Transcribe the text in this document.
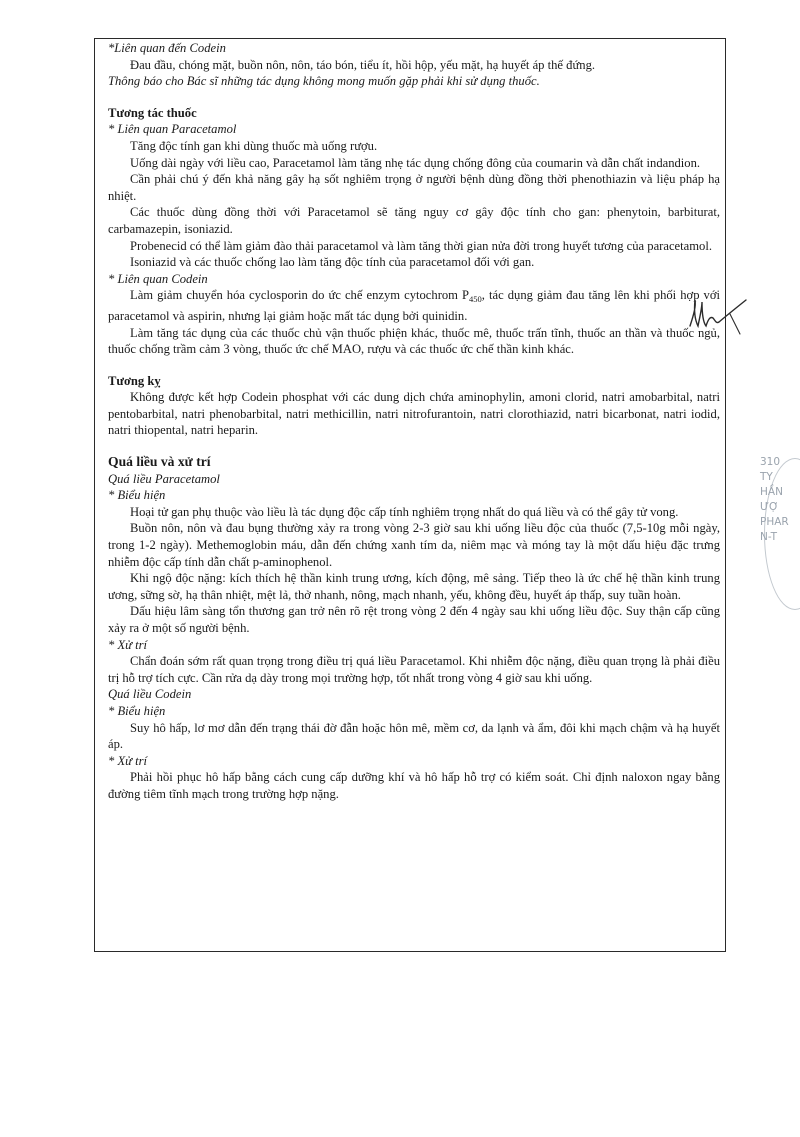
*Liên quan đến Codein

Đau đầu, chóng mặt, buồn nôn, nôn, táo bón, tiểu ít, hồi hộp, yếu mặt, hạ huyết áp thế đứng.

Thông báo cho Bác sĩ những tác dụng không mong muốn gặp phải khi sử dụng thuốc.

Tương tác thuốc

* Liên quan Paracetamol

Tăng độc tính gan khi dùng thuốc mà uống rượu.

Uống dài ngày với liều cao, Paracetamol làm tăng nhẹ tác dụng chống đông của coumarin và dẫn chất indandion.

Cần phải chú ý đến khả năng gây hạ sốt nghiêm trọng ở người bệnh dùng đồng thời phenothiazin và liệu pháp hạ nhiệt.

Các thuốc dùng đồng thời với Paracetamol sẽ tăng nguy cơ gây độc tính cho gan: phenytoin, barbiturat, carbamazepin, isoniazid.

Probenecid có thể làm giảm đào thải paracetamol và làm tăng thời gian nửa đời trong huyết tương của paracetamol.

Isoniazid và các thuốc chống lao làm tăng độc tính của paracetamol đối với gan.

* Liên quan Codein

Làm giảm chuyển hóa cyclosporin do ức chế enzym cytochrom $P_{450}$, tác dụng giảm đau tăng lên khi phối hợp với paracetamol và aspirin, nhưng lại giảm hoặc mất tác dụng bởi quinidin.

Làm tăng tác dụng của các thuốc chủ vận thuốc phiện khác, thuốc mê, thuốc trấn tĩnh, thuốc an thần và thuốc ngủ, thuốc chống trầm cảm 3 vòng, thuốc ức chế MAO, rượu và các thuốc ức chế thần kinh khác.

Tương kỵ

Không được kết hợp Codein phosphat với các dung dịch chứa aminophylin, amoni clorid, natri amobarbital, natri pentobarbital, natri phenobarbital, natri methicillin, natri nitrofurantoin, natri clorothiazid, natri bicarbonat, natri iodid, natri thiopental, natri heparin.

Quá liều và xử trí

Quá liều Paracetamol

* Biểu hiện

Hoại tử gan phụ thuộc vào liều là tác dụng độc cấp tính nghiêm trọng nhất do quá liều và có thể gây tử vong.

Buồn nôn, nôn và đau bụng thường xảy ra trong vòng 2-3 giờ sau khi uống liều độc của thuốc (7,5-10g mỗi ngày, trong 1-2 ngày). Methemoglobin máu, dẫn đến chứng xanh tím da, niêm mạc và móng tay là một dấu hiệu đặc trưng nhiễm độc cấp tính dẫn chất p-aminophenol.

Khi ngộ độc nặng: kích thích hệ thần kinh trung ương, kích động, mê sảng. Tiếp theo là ức chế hệ thần kinh trung ương, sững sờ, hạ thân nhiệt, mệt lả, thở nhanh, nông, mạch nhanh, yếu, không đều, huyết áp thấp, suy tuần hoàn.

Dấu hiệu lâm sàng tổn thương gan trở nên rõ rệt trong vòng 2 đến 4 ngày sau khi uống liều độc. Suy thận cấp cũng xảy ra ở một số người bệnh.

* Xử trí

Chẩn đoán sớm rất quan trọng trong điều trị quá liều Paracetamol. Khi nhiễm độc nặng, điều quan trọng là phải điều trị hỗ trợ tích cực. Cần rửa dạ dày trong mọi trường hợp, tốt nhất trong vòng 4 giờ sau khi uống.

Quá liều Codein

* Biểu hiện

Suy hô hấp, lơ mơ dẫn đến trạng thái đờ đẫn hoặc hôn mê, mềm cơ, da lạnh và ẩm, đôi khi mạch chậm và hạ huyết áp.

* Xử trí

Phải hồi phục hô hấp bằng cách cung cấp dưỡng khí và hô hấp hỗ trợ có kiểm soát. Chỉ định naloxon ngay bằng đường tiêm tĩnh mạch trong trường hợp nặng.

310
TY
HẦN
ƯỢ
PHAR
N-T
